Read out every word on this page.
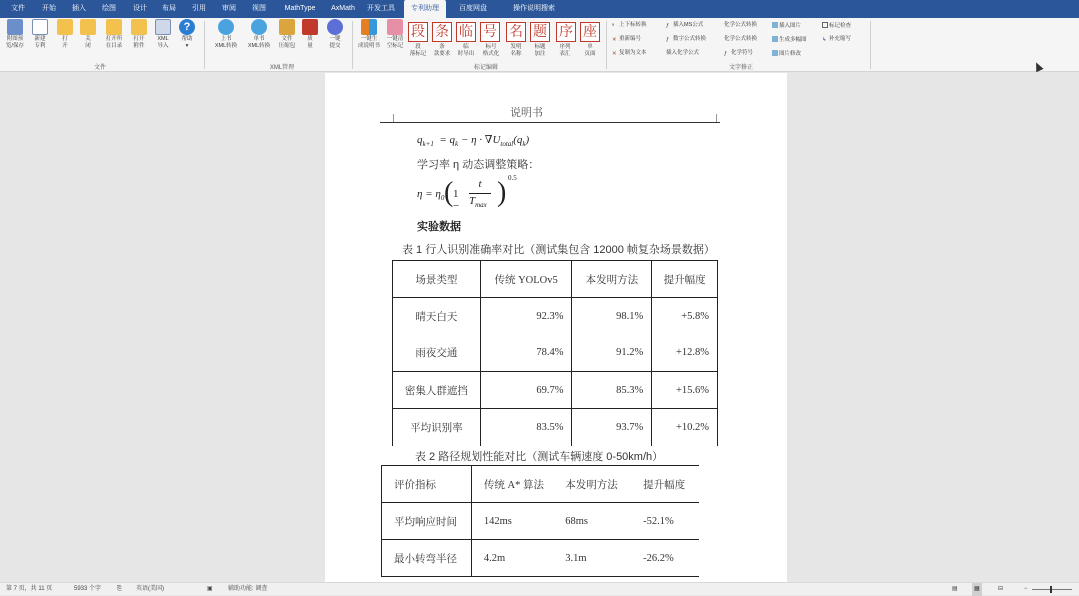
文件	开始	插入	绘图	设计	布局	引用	审阅	视图	MathType	AxMath	开发工具	专利助理	百度网盘	操作说明搜索
附图预
览/保存
新建
专利
打
开
关
闭
打开所
在目录
打开
附件
XML
导入
?
帮助
▾
文件
上书
XML转换
单书
XML转换
文件
压缩包
质
量
一键
提交
XML管理
一键生
成说明书
一键清
空标记
段 条 临 号 名 题 序 座
段
落标记
条
款要求
临
时导出
标号
格式化
发明
名称
标题
加注
序列
表汇
单
页面
标记编辑
ᵃ 上下标转换
✕ 重新编号
✕ 复制为文本
ƒ 插入MS公式
ƒ 数字公式转换
插入化学公式
化学公式转换
化学公式转换
ƒ 化学符号
插入图片
生成多幅图
图片修改
标记检查
↳ 补充缩写
文字修正
说明书
$q_{k+1} = q_k - \eta \cdot \nabla U_{total}(q_k)$
学习率 η 动态调整策略：
$\eta = \eta_0$ ( 1 −
t
$T_{max}$ ) 0.5
实验数据
表 1 行人识别准确率对比（测试集包含 12000 帧复杂场景数据）
场景类型	传统 YOLOv5	本发明方法	提升幅度
晴天白天	92.3%	98.1%	+5.8%
雨夜交通	78.4%	91.2%	+12.8%
密集人群遮挡	69.7%	85.3%	+15.6%
平均识别率	83.5%	93.7%	+10.2%
表 2 路径规划性能对比（测试车辆速度 0-50km/h）
评价指标	传统 A* 算法	本发明方法	提升幅度
平均响应时间	142ms	68ms	-52.1%
最小转弯半径	4.2m	3.1m	-26.2%
第 7 页，共 11 页	5933 个字	⎘ 英语(美国)	▣	辅助功能: 调查	▤	▦	⊟	−
